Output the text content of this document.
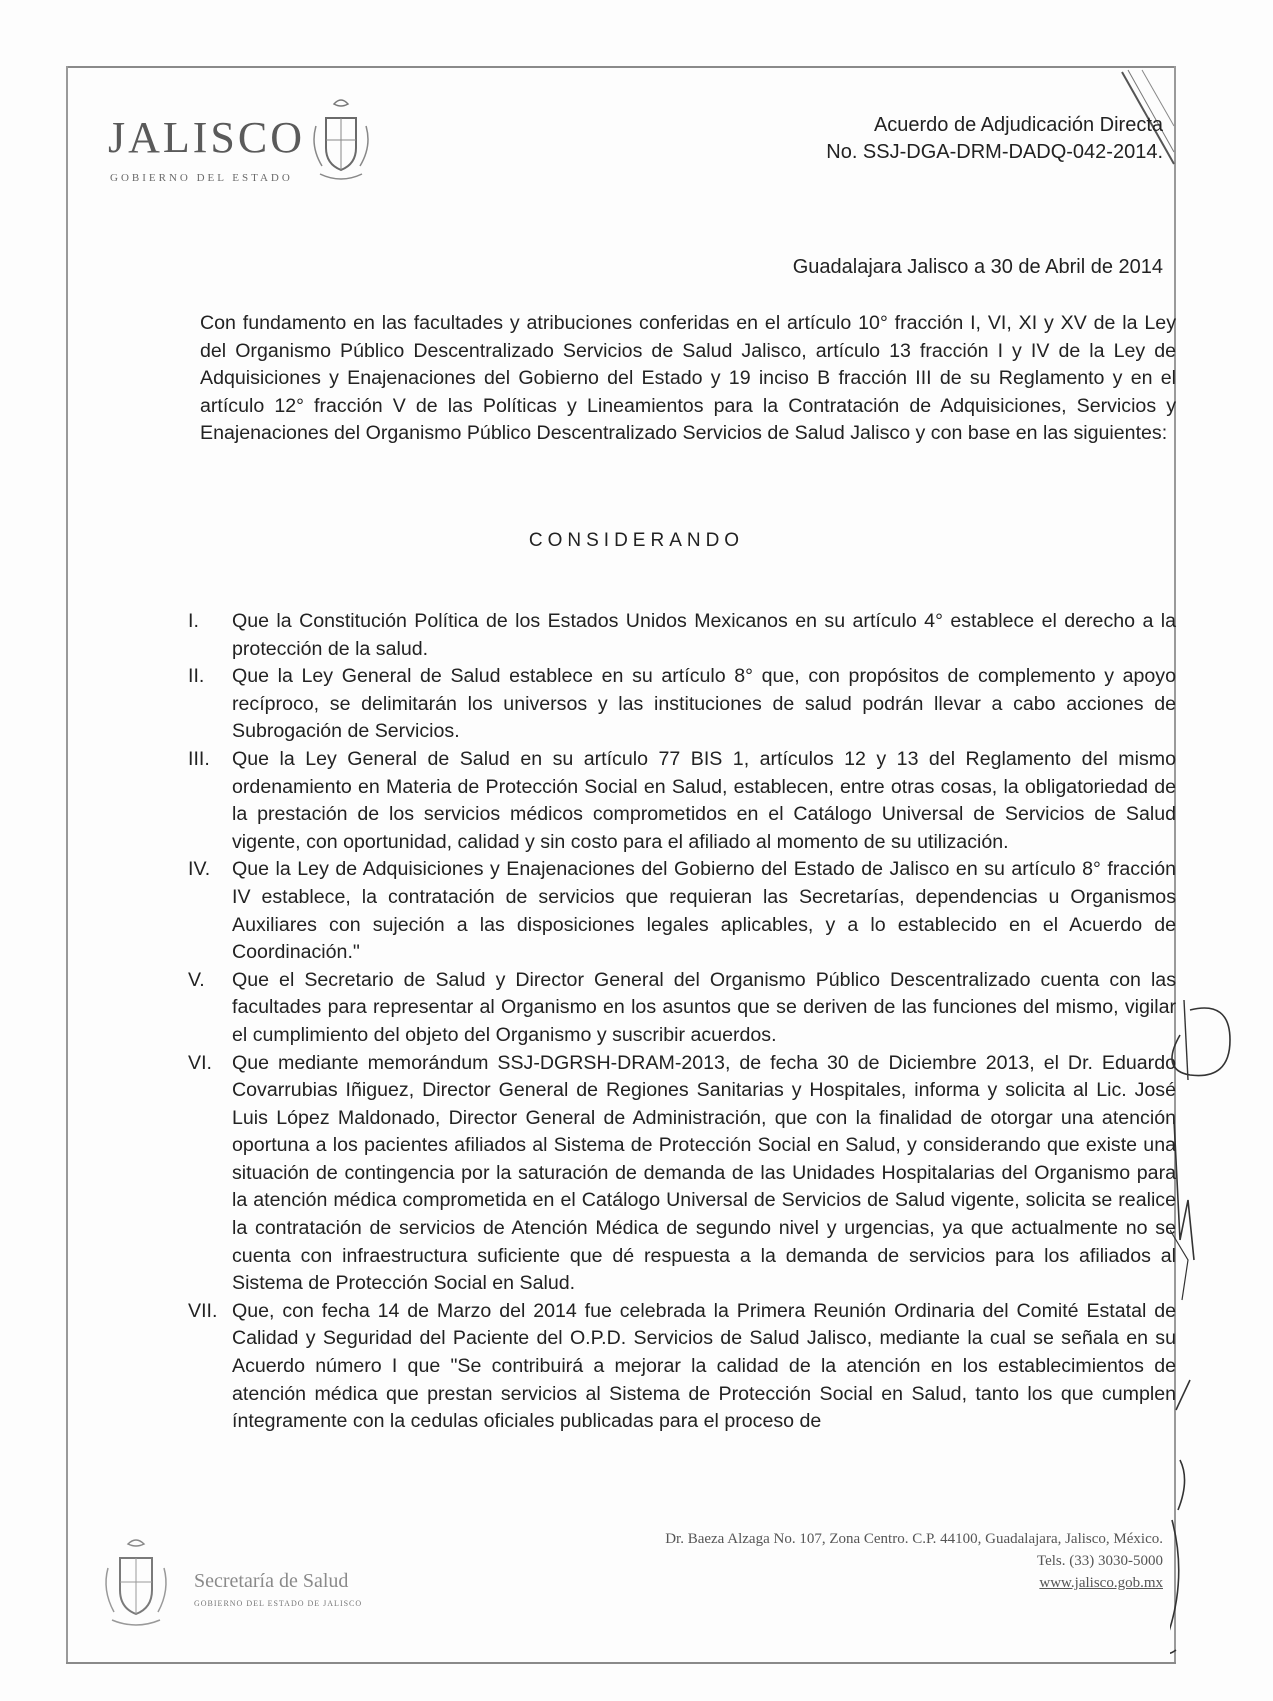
JALISCO
GOBIERNO DEL ESTADO
Acuerdo de Adjudicación Directa
No. SSJ-DGA-DRM-DADQ-042-2014.
Guadalajara Jalisco a 30 de Abril de 2014
Con fundamento en las facultades y atribuciones conferidas en el artículo 10° fracción I, VI, XI y XV de la Ley del Organismo Público Descentralizado Servicios de Salud Jalisco, artículo 13 fracción I y IV de la Ley de Adquisiciones y Enajenaciones del Gobierno del Estado y 19 inciso B fracción III de su Reglamento y en el artículo 12° fracción V de las Políticas y Lineamientos para la Contratación de Adquisiciones, Servicios y Enajenaciones del Organismo Público Descentralizado Servicios de Salud Jalisco y con base en las siguientes:
CONSIDERANDO
I.	Que la Constitución Política de los Estados Unidos Mexicanos en su artículo 4° establece el derecho a la protección de la salud.
II.	Que la Ley General de Salud establece en su artículo 8° que, con propósitos de complemento y apoyo recíproco, se delimitarán los universos y las instituciones de salud podrán llevar a cabo acciones de Subrogación de Servicios.
III.	Que la Ley General de Salud en su artículo 77 BIS 1, artículos 12 y 13 del Reglamento del mismo ordenamiento en Materia de Protección Social en Salud, establecen, entre otras cosas, la obligatoriedad de la prestación de los servicios médicos comprometidos en el Catálogo Universal de Servicios de Salud vigente, con oportunidad, calidad y sin costo para el afiliado al momento de su utilización.
IV.	Que la Ley de Adquisiciones y Enajenaciones del Gobierno del Estado de Jalisco en su artículo 8° fracción IV establece, la contratación de servicios que requieran las Secretarías, dependencias u Organismos Auxiliares con sujeción a las disposiciones legales aplicables, y a lo establecido en el Acuerdo de Coordinación."
V.	Que el Secretario de Salud y Director General del Organismo Público Descentralizado cuenta con las facultades para representar al Organismo en los asuntos que se deriven de las funciones del mismo, vigilar el cumplimiento del objeto del Organismo y suscribir acuerdos.
VI.	Que mediante memorándum SSJ-DGRSH-DRAM-2013, de fecha 30 de Diciembre 2013, el Dr. Eduardo Covarrubias Iñiguez, Director General de Regiones Sanitarias y Hospitales, informa y solicita al Lic. José Luis López Maldonado, Director General de Administración, que con la finalidad de otorgar una atención oportuna a los pacientes afiliados al Sistema de Protección Social en Salud, y considerando que existe una situación de contingencia por la saturación de demanda de las Unidades Hospitalarias del Organismo para la atención médica comprometida en el Catálogo Universal de Servicios de Salud vigente, solicita se realice la contratación de servicios de Atención Médica de segundo nivel y urgencias, ya que actualmente no se cuenta con infraestructura suficiente que dé respuesta a la demanda de servicios para los afiliados al Sistema de Protección Social en Salud.
VII. Que, con fecha 14 de Marzo del 2014 fue celebrada la Primera Reunión Ordinaria del Comité Estatal de Calidad y Seguridad del Paciente del O.P.D. Servicios de Salud Jalisco, mediante la cual se señala en su Acuerdo número I que "Se contribuirá a mejorar la calidad de la atención en los establecimientos de atención médica que prestan servicios al Sistema de Protección Social en Salud, tanto los que cumplen íntegramente con la cedulas oficiales publicadas para el proceso de
Secretaría de Salud
GOBIERNO DEL ESTADO DE JALISCO
Dr. Baeza Alzaga No. 107, Zona Centro. C.P. 44100, Guadalajara, Jalisco, México.
Tels. (33) 3030-5000
www.jalisco.gob.mx
